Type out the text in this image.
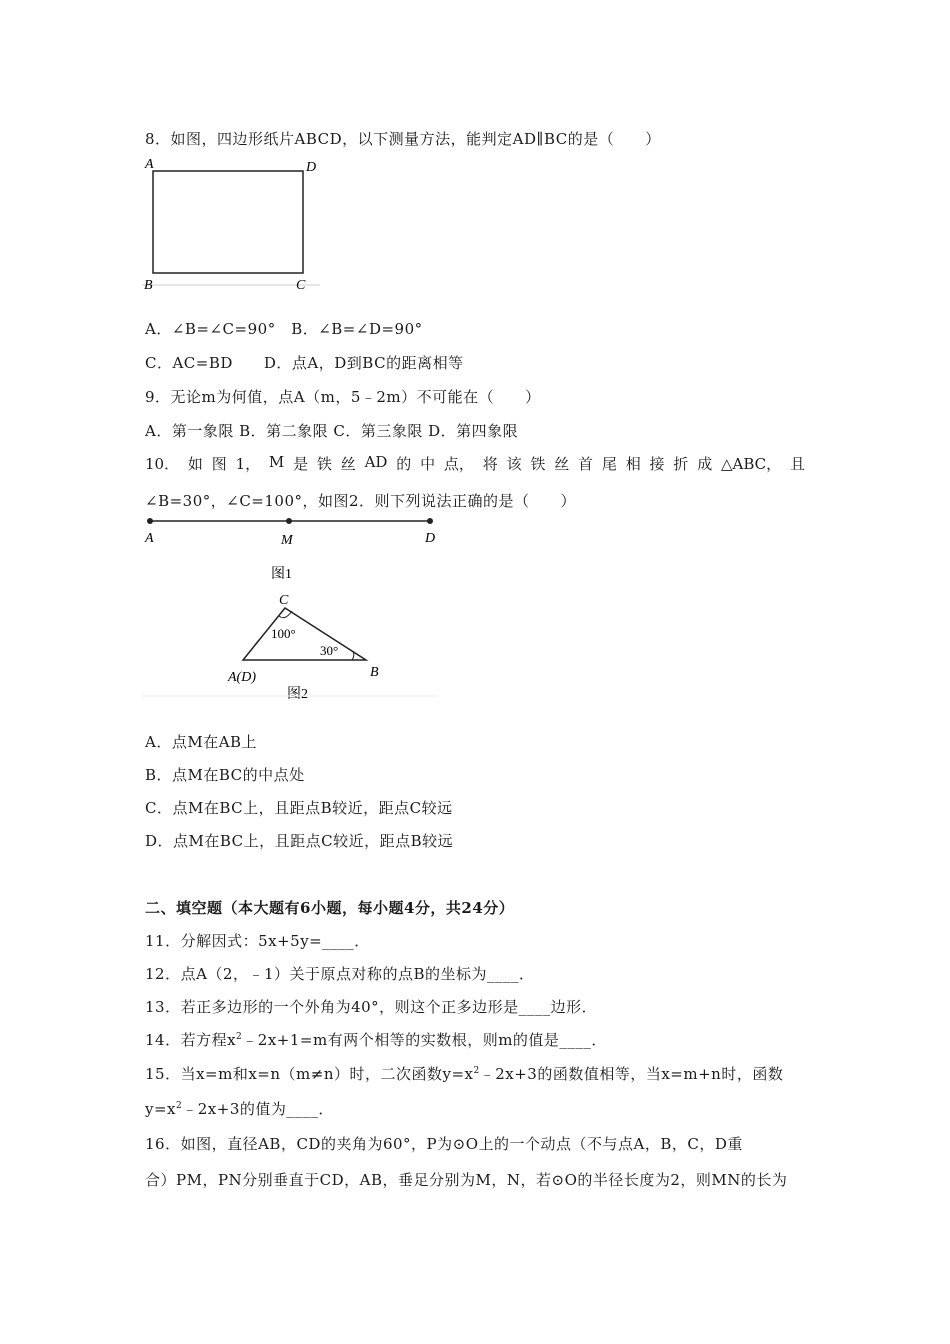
8．如图，四边形纸片ABCD，以下测量方法，能判定AD∥BC的是（　　）
A	D
B	C
A．∠B=∠C=90°　B．∠B=∠D=90°
C．AC=BD　　D．点A，D到BC的距离相等
9．无论m为何值，点A（m，5﹣2m）不可能在（　　）
A．第一象限 B．第二象限 C．第三象限 D．第四象限
10． 如 图 1， M 是 铁 丝 AD 的 中 点， 将 该 铁 丝 首 尾 相 接 折 成 △ABC， 且
∠B=30°，∠C=100°，如图2．则下列说法正确的是（　　）
A	M	D
图1
C
A(D)	B
100°
30°
图2
A．点M在AB上
B．点M在BC的中点处
C．点M在BC上，且距点B较近，距点C较远
D．点M在BC上，且距点C较近，距点B较远
二、填空题（本大题有6小题，每小题4分，共24分）
11．分解因式：5x+5y=____．
12．点A（2，﹣1）关于原点对称的点B的坐标为____．
13．若正多边形的一个外角为40°，则这个正多边形是____边形．
14．若方程$x^2﹣2x+1=m$有两个相等的实数根，则m的值是____．
15．当x=m和x=n（m≠n）时，二次函数$y=x^2﹣2x+3$的函数值相等，当x=m+n时，函数
$y=x^2﹣2x+3$的值为____．
16．如图，直径AB，CD的夹角为60°，P为⊙O上的一个动点（不与点A，B，C，D重
合）PM，PN分别垂直于CD，AB，垂足分别为M，N，若⊙O的半径长度为2，则MN的长为
